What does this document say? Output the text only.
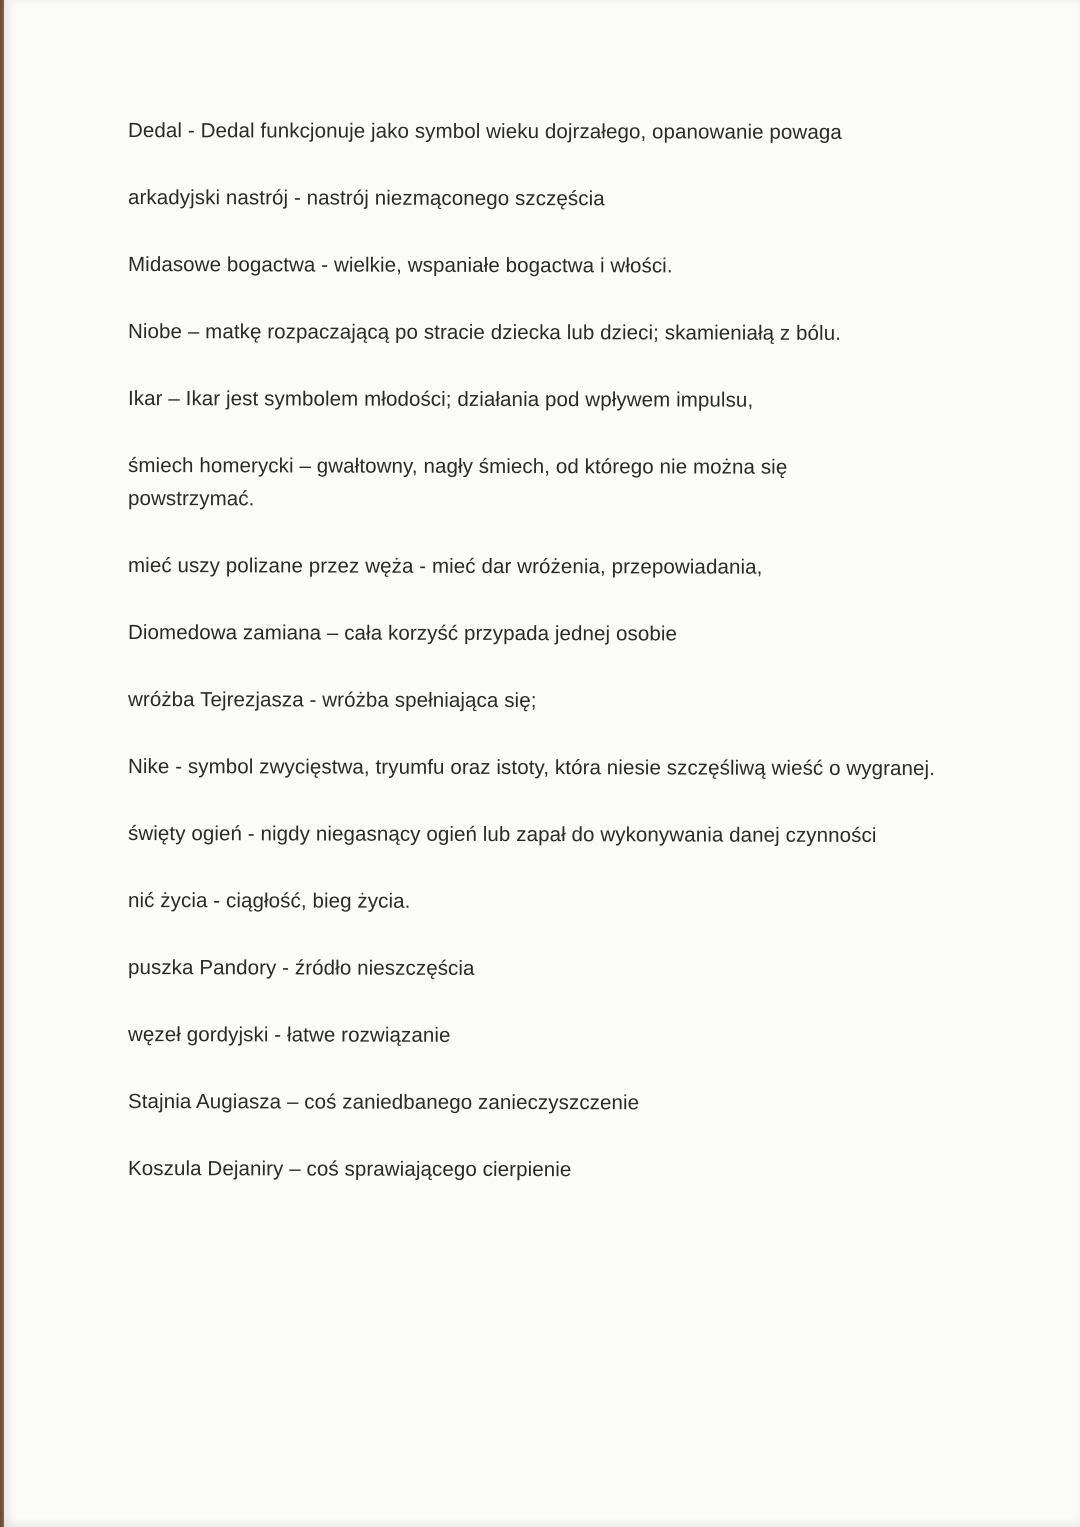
Dedal - Dedal funkcjonuje jako symbol wieku dojrzałego, opanowanie powaga
arkadyjski nastrój - nastrój niezmąconego szczęścia
Midasowe bogactwa - wielkie, wspaniałe bogactwa i włości.
Niobe – matkę rozpaczającą po stracie dziecka lub dzieci; skamieniałą z bólu.
Ikar – Ikar jest symbolem młodości; działania pod wpływem impulsu,
śmiech homerycki – gwałtowny, nagły śmiech, od którego nie można się powstrzymać.
mieć uszy polizane przez węża - mieć dar wróżenia, przepowiadania,
Diomedowa zamiana – cała korzyść przypada jednej osobie
wróżba Tejrezjasza - wróżba spełniająca się;
Nike - symbol zwycięstwa, tryumfu oraz istoty, która niesie szczęśliwą wieść o wygranej.
święty ogień - nigdy niegasnący ogień lub zapał do wykonywania danej czynności
nić życia - ciągłość, bieg życia.
puszka Pandory - źródło nieszczęścia
węzeł gordyjski - łatwe rozwiązanie
Stajnia Augiasza – coś zaniedbanego zanieczyszczenie
Koszula Dejaniry – coś sprawiającego cierpienie
